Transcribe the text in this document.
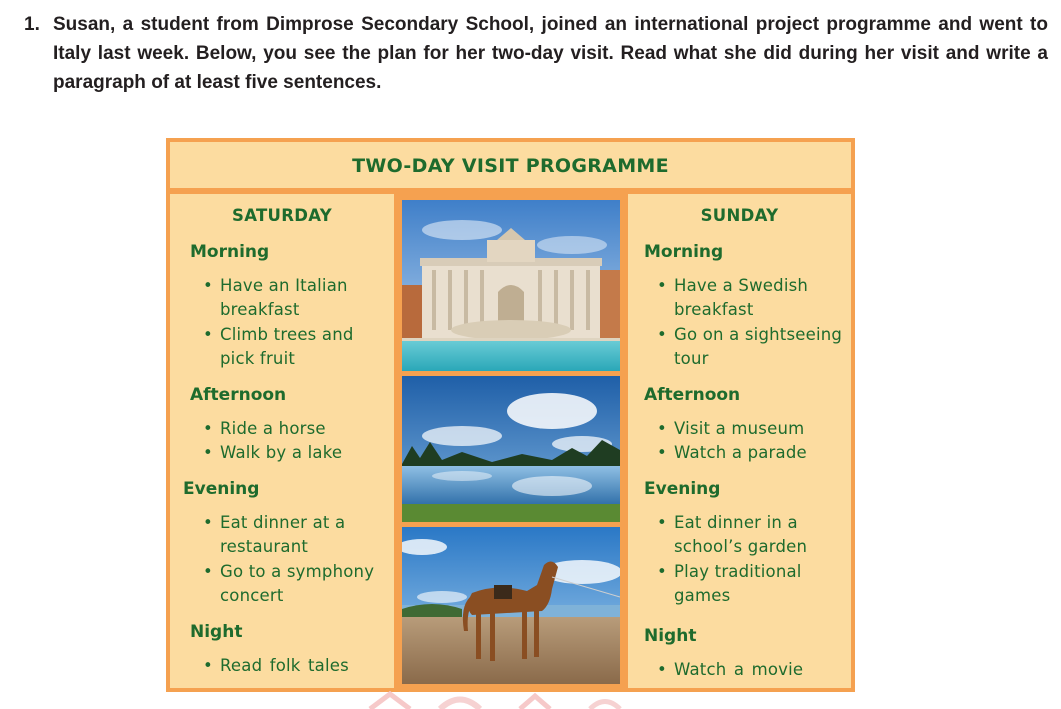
1. Susan, a student from Dimprose Secondary School, joined an international project programme and went to Italy last week. Below, you see the plan for her two-day visit. Read what she did during her visit and write a paragraph of at least five sentences.
TWO-DAY VISIT PROGRAMME
SATURDAY
Morning
• Have an Italian breakfast
• Climb trees and pick fruit
Afternoon
• Ride a horse
• Walk by a lake
Evening
• Eat dinner at a restaurant
• Go to a symphony concert
Night
• Read folk tales
SUNDAY
Morning
• Have a Swedish breakfast
• Go on a sightseeing tour
Afternoon
• Visit a museum
• Watch a parade
Evening
• Eat dinner in a school’s garden
• Play traditional games
Night
• Watch a movie
